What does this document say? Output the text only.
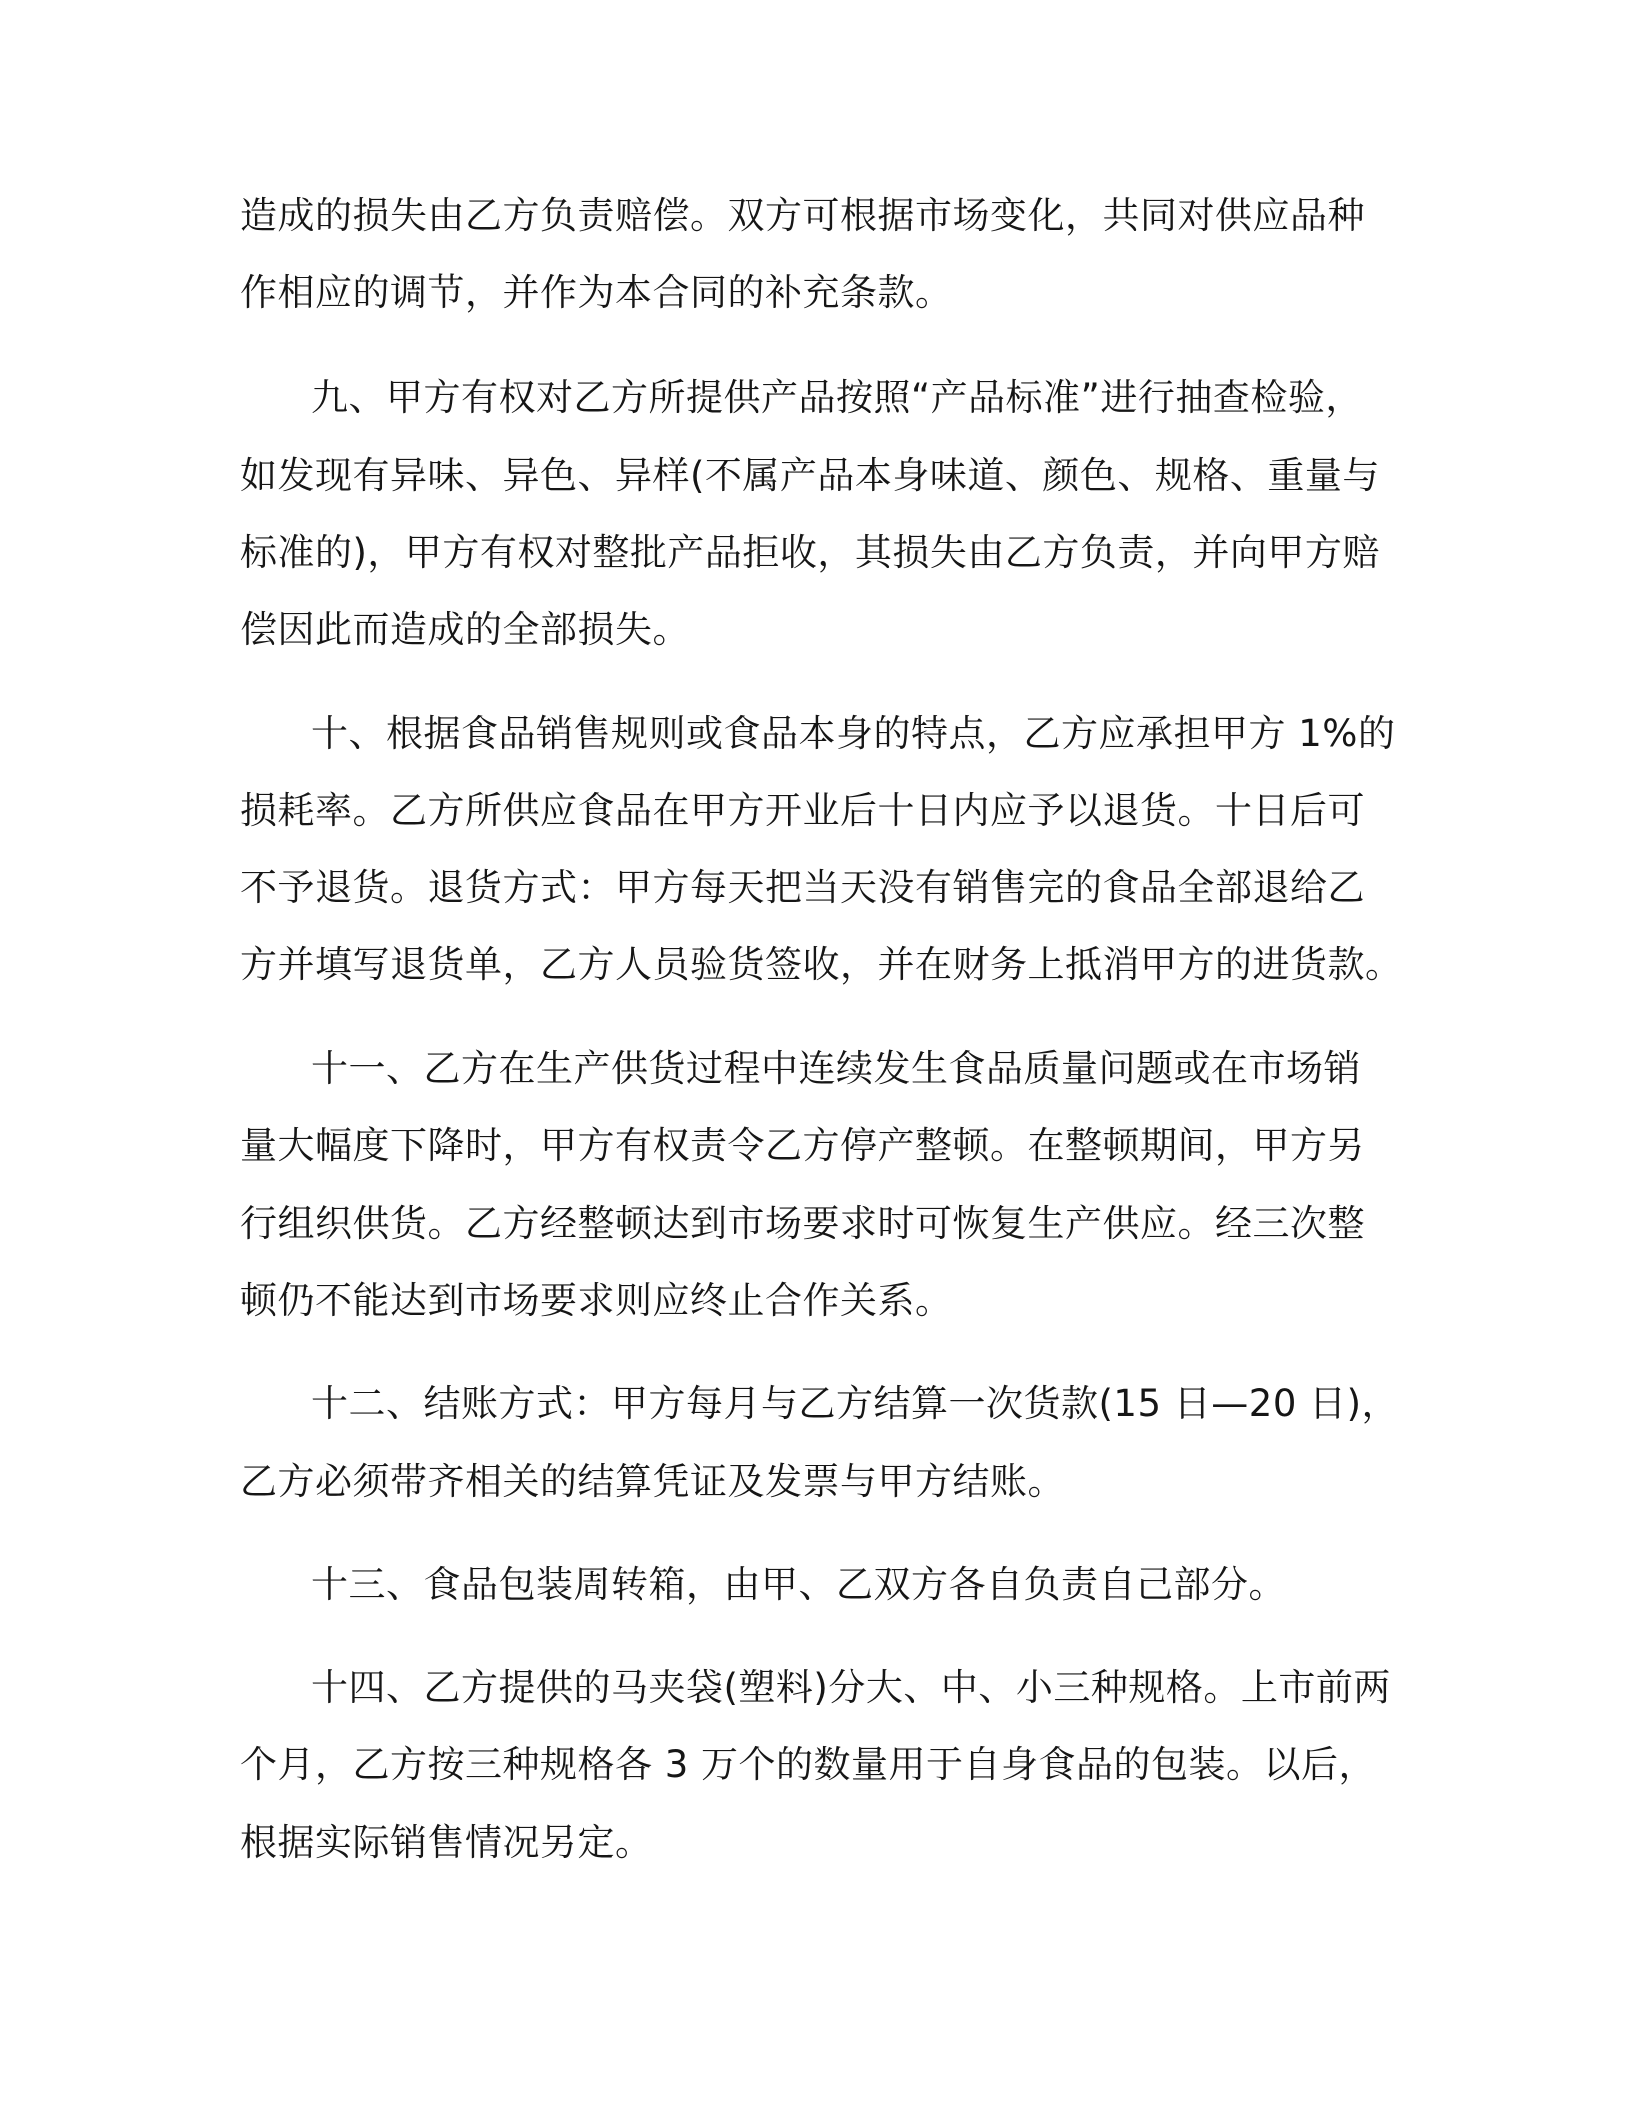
造成的损失由乙方负责赔偿。双方可根据市场变化，共同对供应品种
作相应的调节，并作为本合同的补充条款。
九、甲方有权对乙方所提供产品按照“产品标准”进行抽查检验，
如发现有异味、异色、异样(不属产品本身味道、颜色、规格、重量与
标准的)，甲方有权对整批产品拒收，其损失由乙方负责，并向甲方赔
偿因此而造成的全部损失。
十、根据食品销售规则或食品本身的特点，乙方应承担甲方 1%的
损耗率。乙方所供应食品在甲方开业后十日内应予以退货。十日后可
不予退货。退货方式：甲方每天把当天没有销售完的食品全部退给乙
方并填写退货单，乙方人员验货签收，并在财务上抵消甲方的进货款。
十一、乙方在生产供货过程中连续发生食品质量问题或在市场销
量大幅度下降时，甲方有权责令乙方停产整顿。在整顿期间，甲方另
行组织供货。乙方经整顿达到市场要求时可恢复生产供应。经三次整
顿仍不能达到市场要求则应终止合作关系。
十二、结账方式：甲方每月与乙方结算一次货款(15 日—20 日)，
乙方必须带齐相关的结算凭证及发票与甲方结账。
十三、食品包装周转箱，由甲、乙双方各自负责自己部分。
十四、乙方提供的马夹袋(塑料)分大、中、小三种规格。上市前两
个月，乙方按三种规格各 3 万个的数量用于自身食品的包装。以后，
根据实际销售情况另定。
